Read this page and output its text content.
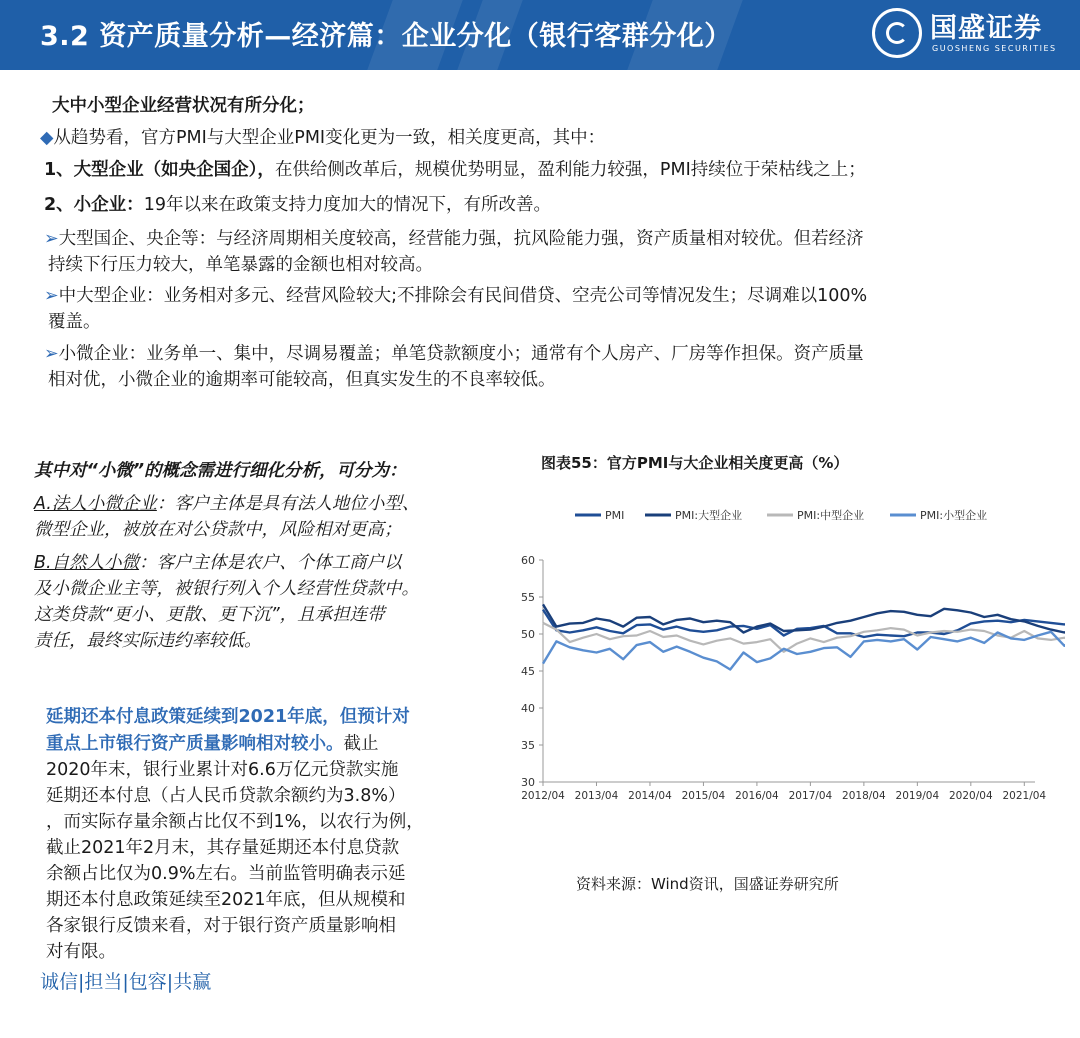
3.2 资产质量分析—经济篇：企业分化（银行客群分化）	国盛证券
GUOSHENG SECURITIES
大中小型企业经营状况有所分化；
◆从趋势看，官方PMI与大型企业PMI变化更为一致，相关度更高，其中：
1、大型企业（如央企国企），在供给侧改革后，规模优势明显，盈利能力较强，PMI持续位于荣枯线之上；
2、小企业：19年以来在政策支持力度加大的情况下，有所改善。
➢大型国企、央企等：与经济周期相关度较高，经营能力强，抗风险能力强，资产质量相对较优。但若经济
持续下行压力较大，单笔暴露的金额也相对较高。
➢中大型企业：业务相对多元、经营风险较大;不排除会有民间借贷、空壳公司等情况发生；尽调难以100%
覆盖。
➢小微企业：业务单一、集中，尽调易覆盖；单笔贷款额度小；通常有个人房产、厂房等作担保。资产质量
相对优，小微企业的逾期率可能较高，但真实发生的不良率较低。
其中对“小微”的概念需进行细化分析，可分为：
A.法人小微企业：客户主体是具有法人地位小型、
微型企业，被放在对公贷款中，风险相对更高；
B.自然人小微：客户主体是农户、个体工商户以
及小微企业主等，被银行列入个人经营性贷款中。
这类贷款“更小、更散、更下沉”，且承担连带
责任，最终实际违约率较低。
延期还本付息政策延续到2021年底，但预计对
重点上市银行资产质量影响相对较小。截止
2020年末，银行业累计对6.6万亿元贷款实施
延期还本付息（占人民币贷款余额约为3.8%）
，而实际存量余额占比仅不到1%，以农行为例，
截止2021年2月末，其存量延期还本付息贷款
余额占比仅为0.9%左右。当前监管明确表示延
期还本付息政策延续至2021年底，但从规模和
各家银行反馈来看，对于银行资产质量影响相
对有限。
图表55：官方PMI与大企业相关度更高（%）
60
55
50
45
40
35
30
2012/04 2013/04 2014/04 2015/04 2016/04 2017/04 2018/04 2019/04 2020/04 2021/04
PMI	PMI:大型企业	PMI:中型企业	PMI:小型企业
资料来源：Wind资讯，国盛证券研究所
诚信|担当|包容|共赢
